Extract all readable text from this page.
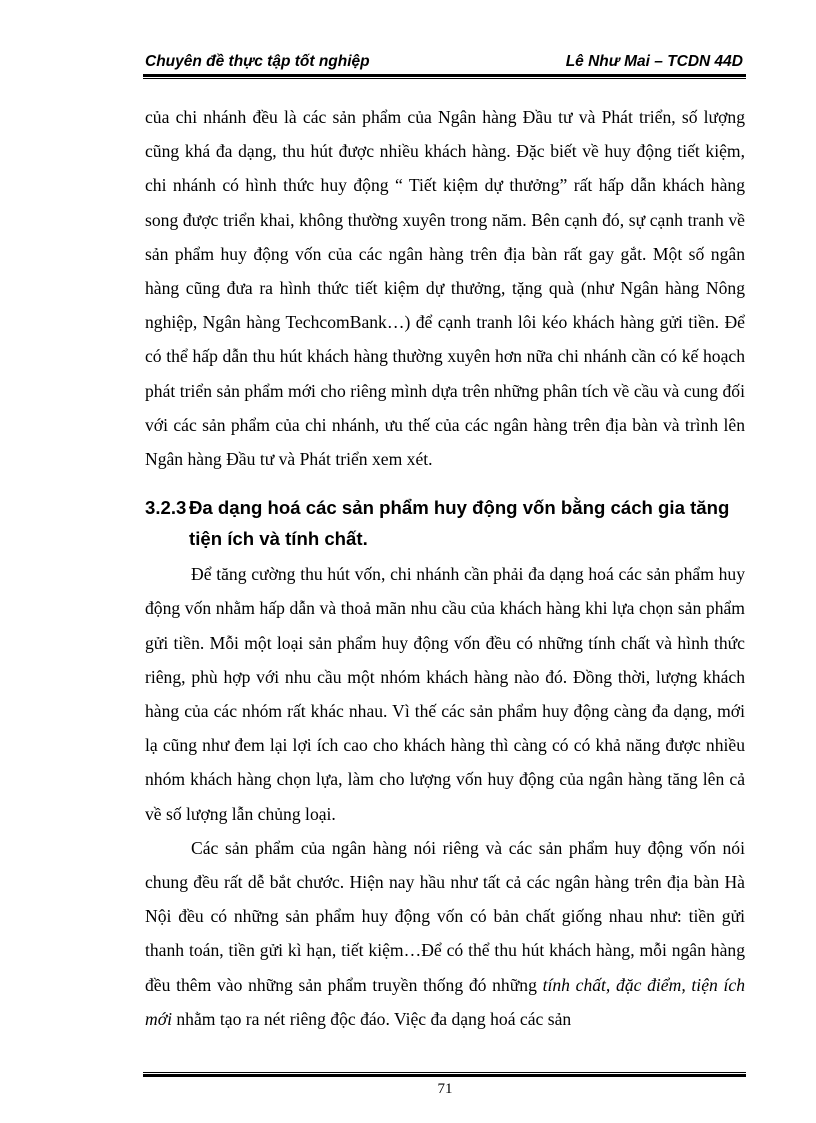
Chuyên đề thực tập tốt nghiệp	Lê Như Mai – TCDN 44D

của chi nhánh đều là các sản phẩm của Ngân hàng Đầu tư và Phát triển, số lượng cũng khá đa dạng, thu hút được nhiều khách hàng. Đặc biết về huy động tiết kiệm, chi nhánh có hình thức huy động “ Tiết kiệm dự thưởng” rất hấp dẫn khách hàng song được triển khai, không thường xuyên trong năm. Bên cạnh đó, sự cạnh tranh về sản phẩm huy động vốn của các ngân hàng trên địa bàn rất gay gắt. Một số ngân hàng cũng đưa ra hình thức tiết kiệm dự thưởng, tặng quà (như Ngân hàng Nông nghiệp, Ngân hàng TechcomBank…) để cạnh tranh lôi kéo khách hàng gửi tiền. Để có thể hấp dẫn thu hút khách hàng thường xuyên hơn nữa chi nhánh cần có kế hoạch phát triển sản phẩm mới cho riêng mình dựa trên những phân tích về cầu và cung đối với các sản phẩm của chi nhánh, ưu thế của các ngân hàng trên địa bàn và trình lên Ngân hàng Đầu tư và Phát triển xem xét.

3.2.3 Đa dạng hoá các sản phẩm huy động vốn bằng cách gia tăng tiện ích và tính chất.

Để tăng cường thu hút vốn, chi nhánh cần phải đa dạng hoá các sản phẩm huy động vốn nhằm hấp dẫn và thoả mãn nhu cầu của khách hàng khi lựa chọn sản phẩm gửi tiền. Mỗi một loại sản phẩm huy động vốn đều có những tính chất và hình thức riêng, phù hợp với nhu cầu một nhóm khách hàng nào đó. Đồng thời, lượng khách hàng của các nhóm rất khác nhau. Vì thế các sản phẩm huy động càng đa dạng, mới lạ cũng như đem lại lợi ích cao cho khách hàng thì càng có có khả năng được nhiều nhóm khách hàng chọn lựa, làm cho lượng vốn huy động của ngân hàng tăng lên cả về số lượng lẫn chủng loại.

Các sản phẩm của ngân hàng nói riêng và các sản phẩm huy động vốn nói chung đều rất dễ bắt chước. Hiện nay hầu như tất cả các ngân hàng trên địa bàn Hà Nội đều có những sản phẩm huy động vốn có bản chất giống nhau như: tiền gửi thanh toán, tiền gửi kì hạn, tiết kiệm…Để có thể thu hút khách hàng, mỗi ngân hàng đều thêm vào những sản phẩm truyền thống đó những tính chất, đặc điểm, tiện ích mới nhằm tạo ra nét riêng độc đáo. Việc đa dạng hoá các sản

71
